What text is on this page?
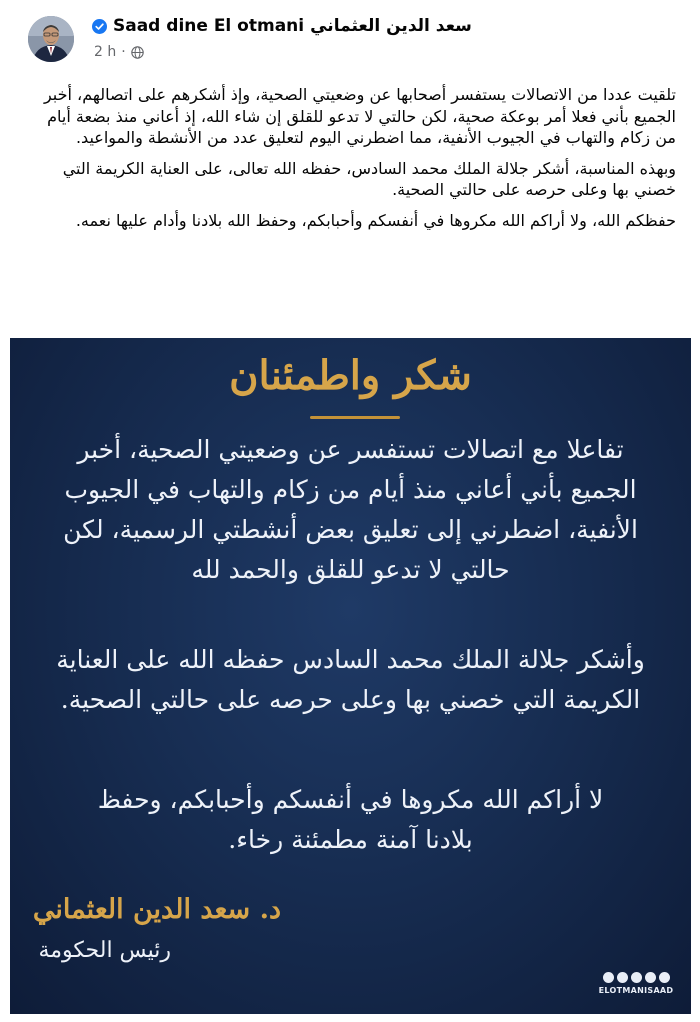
Saad dine El otmani سعد الدين العثماني
2 h ·

تلقيت عددا من الاتصالات يستفسر أصحابها عن وضعيتي الصحية، وإذ أشكرهم على اتصالهم، أخبر الجميع بأني فعلا أمر بوعكة صحية، لكن حالتي لا تدعو للقلق إن شاء الله، إذ أعاني منذ بضعة أيام من زكام والتهاب في الجيوب الأنفية، مما اضطرني اليوم لتعليق عدد من الأنشطة والمواعيد.

وبهذه المناسبة، أشكر جلالة الملك محمد السادس، حفظه الله تعالى، على العناية الكريمة التي خصني بها وعلى حرصه على حالتي الصحية.

حفظكم الله، ولا أراكم الله مكروها في أنفسكم وأحبابكم، وحفظ الله بلادنا وأدام عليها نعمه.

شكر واطمئنان
تفاعلا مع اتصالات تستفسر عن وضعيتي الصحية، أخبر
الجميع بأني أعاني منذ أيام من زكام والتهاب في الجيوب
الأنفية، اضطرني إلى تعليق بعض أنشطتي الرسمية، لكن
حالتي لا تدعو للقلق والحمد لله
وأشكر جلالة الملك محمد السادس حفظه الله على العناية
الكريمة التي خصني بها وعلى حرصه على حالتي الصحية.
لا أراكم الله مكروها في أنفسكم وأحبابكم، وحفظ
بلادنا آمنة مطمئنة رخاء.
د. سعد الدين العثماني
رئيس الحكومة
ELOTMANISAAD
